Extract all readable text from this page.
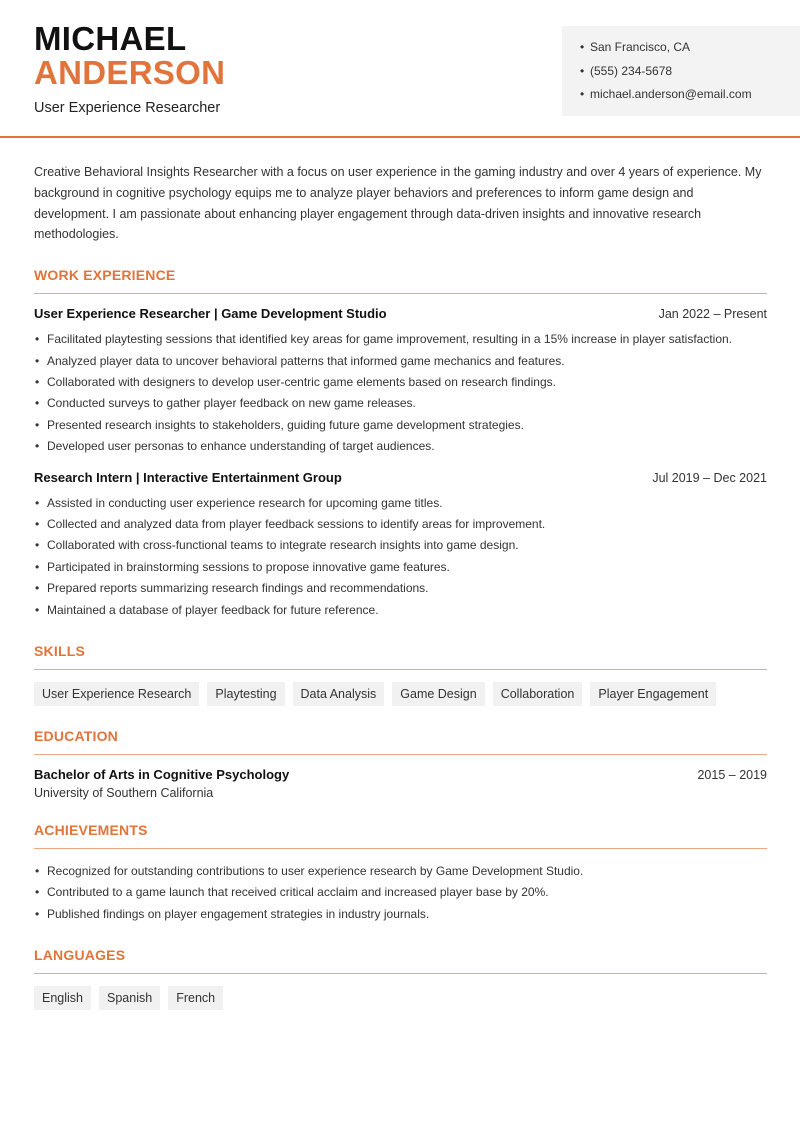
MICHAEL
ANDERSON
User Experience Researcher
• San Francisco, CA
• (555) 234-5678
• michael.anderson@email.com

Creative Behavioral Insights Researcher with a focus on user experience in the gaming industry and over 4 years of experience. My background in cognitive psychology equips me to analyze player behaviors and preferences to inform game design and development. I am passionate about enhancing player engagement through data-driven insights and innovative research methodologies.

WORK EXPERIENCE
User Experience Researcher | Game Development Studio	Jan 2022 – Present
• Facilitated playtesting sessions that identified key areas for game improvement, resulting in a 15% increase in player satisfaction.
• Analyzed player data to uncover behavioral patterns that informed game mechanics and features.
• Collaborated with designers to develop user-centric game elements based on research findings.
• Conducted surveys to gather player feedback on new game releases.
• Presented research insights to stakeholders, guiding future game development strategies.
• Developed user personas to enhance understanding of target audiences.
Research Intern | Interactive Entertainment Group	Jul 2019 – Dec 2021
• Assisted in conducting user experience research for upcoming game titles.
• Collected and analyzed data from player feedback sessions to identify areas for improvement.
• Collaborated with cross-functional teams to integrate research insights into game design.
• Participated in brainstorming sessions to propose innovative game features.
• Prepared reports summarizing research findings and recommendations.
• Maintained a database of player feedback for future reference.
SKILLS
User Experience Research	Playtesting	Data Analysis	Game Design	Collaboration	Player Engagement
EDUCATION
Bachelor of Arts in Cognitive Psychology	2015 – 2019
University of Southern California
ACHIEVEMENTS
• Recognized for outstanding contributions to user experience research by Game Development Studio.
• Contributed to a game launch that received critical acclaim and increased player base by 20%.
• Published findings on player engagement strategies in industry journals.
LANGUAGES
English	Spanish	French
